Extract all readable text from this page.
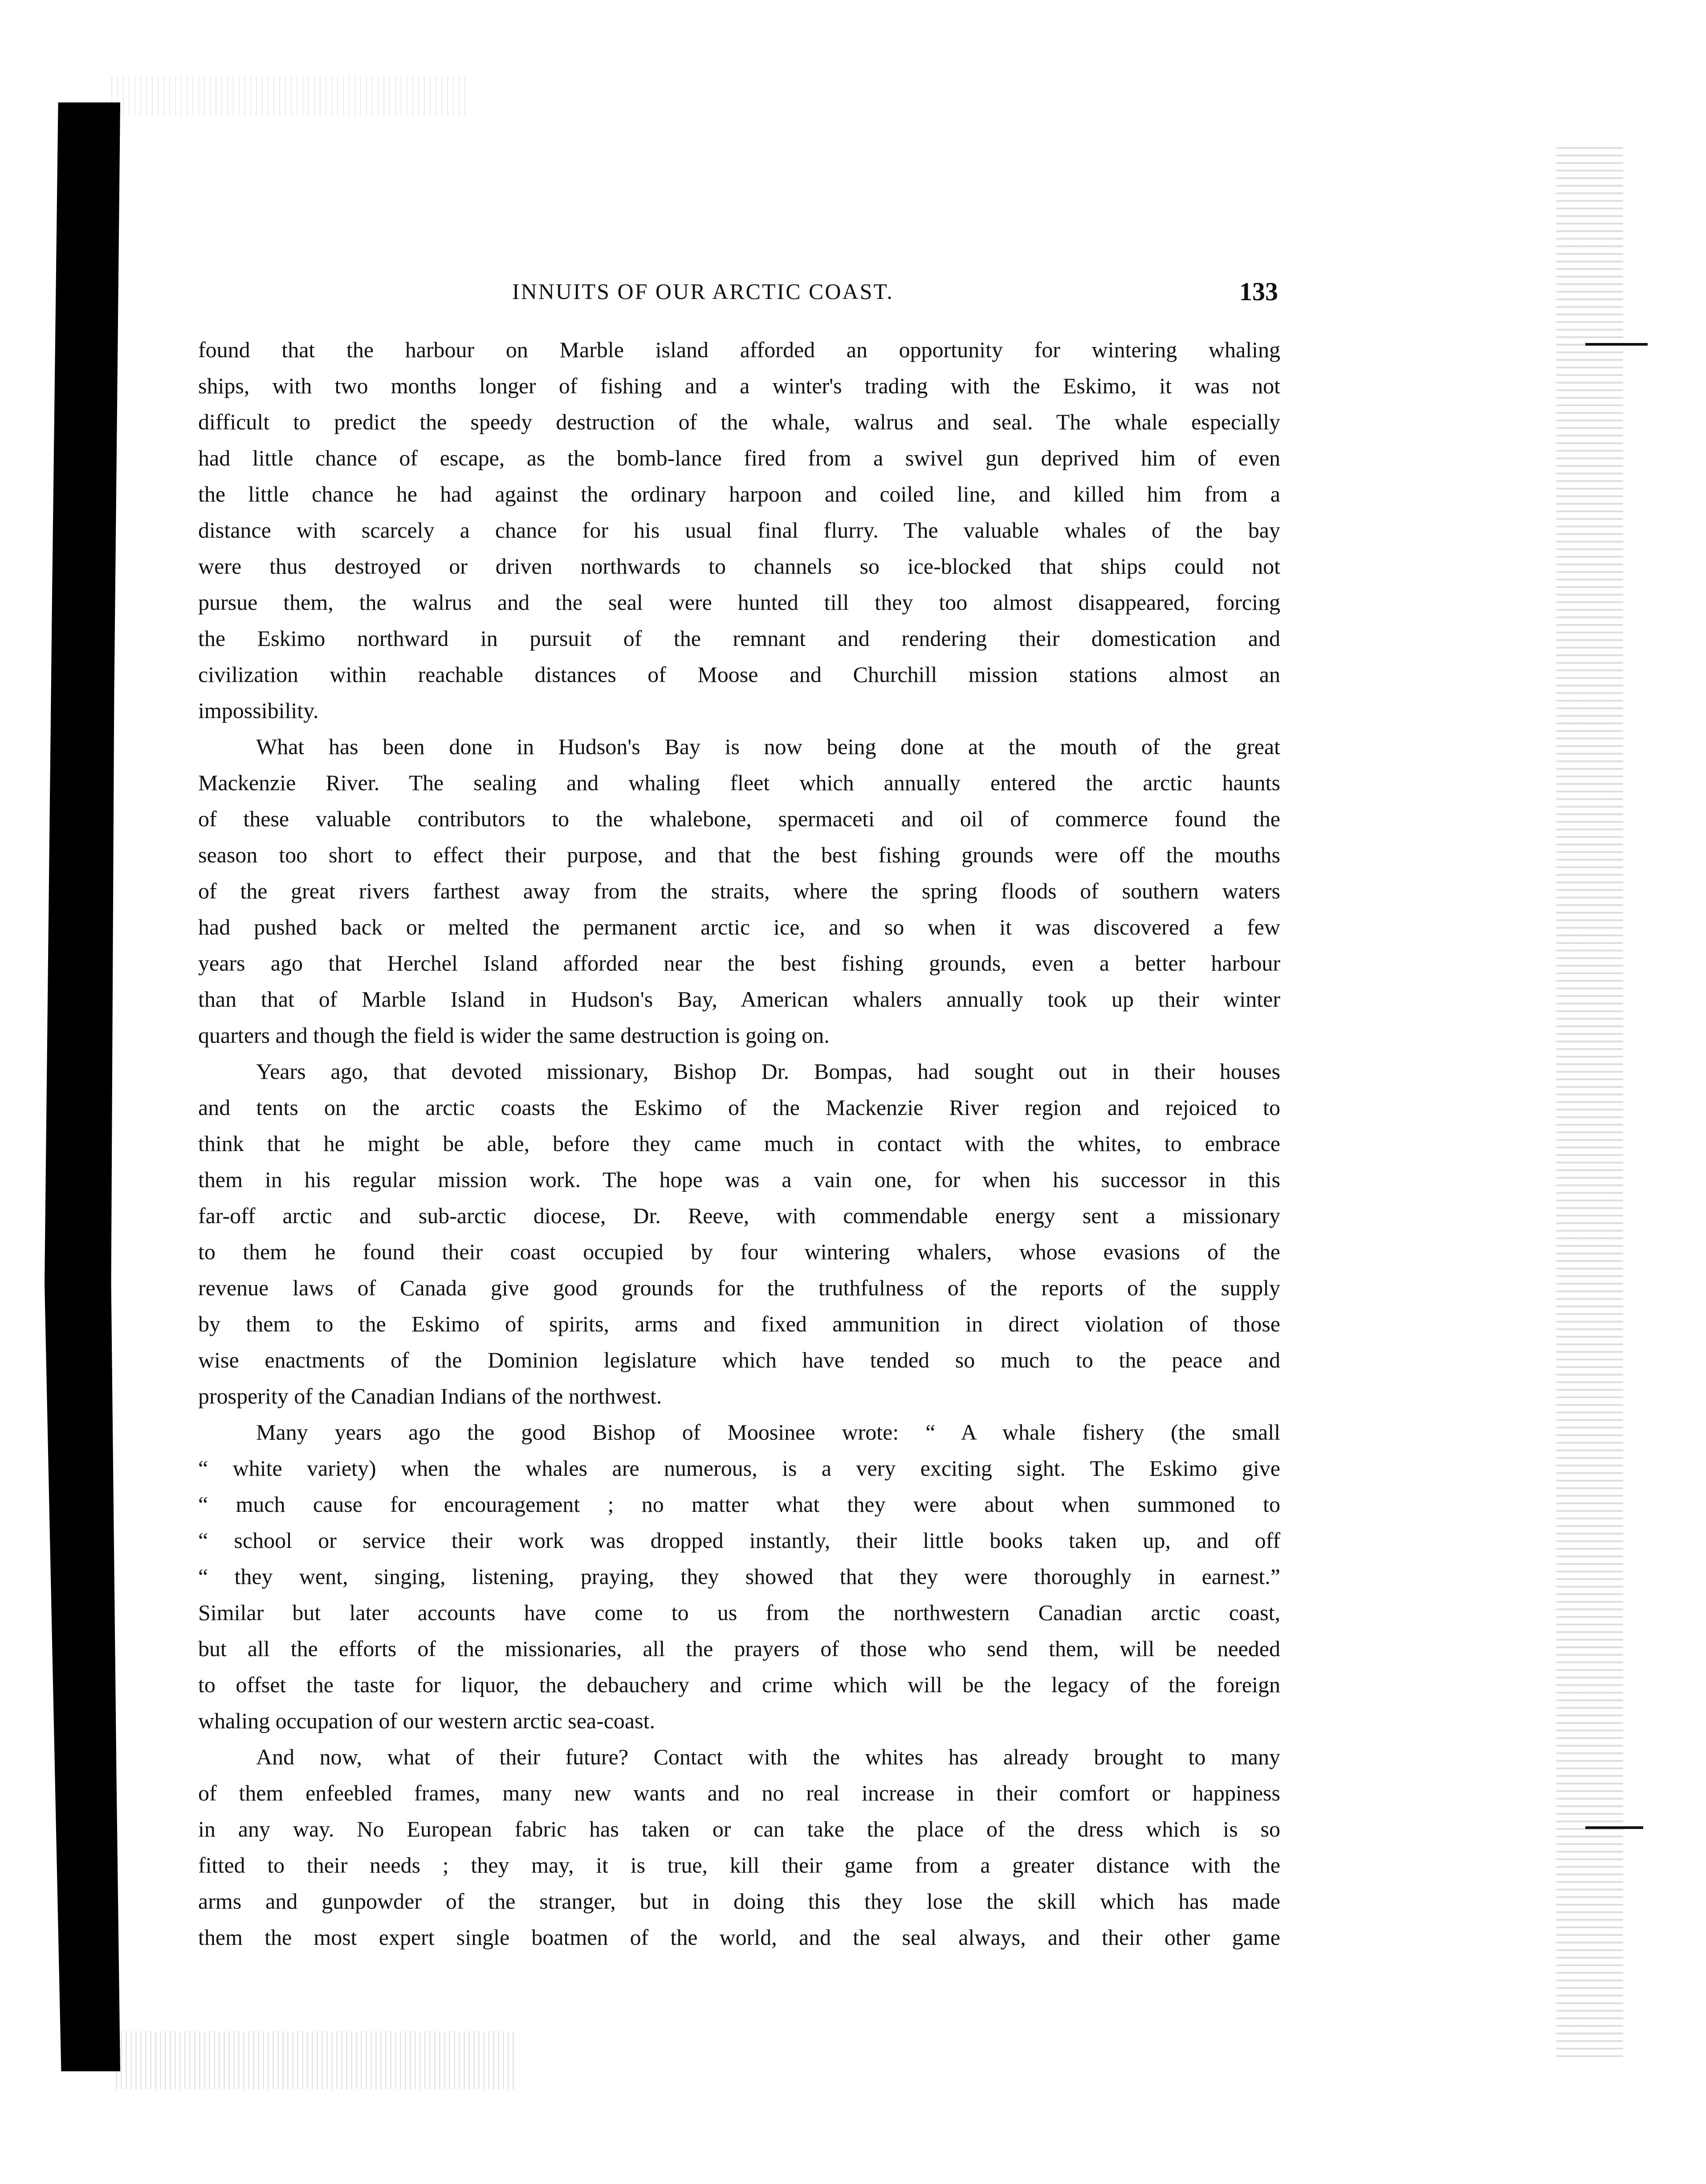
INNUITS OF OUR ARCTIC COAST.	133
found that the harbour on Marble island afforded an opportunity for wintering whaling
ships, with two months longer of fishing and a winter's trading with the Eskimo, it was not
difficult to predict the speedy destruction of the whale, walrus and seal. The whale especially
had little chance of escape, as the bomb-lance fired from a swivel gun deprived him of even
the little chance he had against the ordinary harpoon and coiled line, and killed him from a
distance with scarcely a chance for his usual final flurry. The valuable whales of the bay
were thus destroyed or driven northwards to channels so ice-blocked that ships could not
pursue them, the walrus and the seal were hunted till they too almost disappeared, forcing
the Eskimo northward in pursuit of the remnant and rendering their domestication and
civilization within reachable distances of Moose and Churchill mission stations almost an
impossibility.
What has been done in Hudson's Bay is now being done at the mouth of the great
Mackenzie River. The sealing and whaling fleet which annually entered the arctic haunts
of these valuable contributors to the whalebone, spermaceti and oil of commerce found the
season too short to effect their purpose, and that the best fishing grounds were off the mouths
of the great rivers farthest away from the straits, where the spring floods of southern waters
had pushed back or melted the permanent arctic ice, and so when it was discovered a few
years ago that Herchel Island afforded near the best fishing grounds, even a better harbour
than that of Marble Island in Hudson's Bay, American whalers annually took up their winter
quarters and though the field is wider the same destruction is going on.
Years ago, that devoted missionary, Bishop Dr. Bompas, had sought out in their houses
and tents on the arctic coasts the Eskimo of the Mackenzie River region and rejoiced to
think that he might be able, before they came much in contact with the whites, to embrace
them in his regular mission work. The hope was a vain one, for when his successor in this
far-off arctic and sub-arctic diocese, Dr. Reeve, with commendable energy sent a missionary
to them he found their coast occupied by four wintering whalers, whose evasions of the
revenue laws of Canada give good grounds for the truthfulness of the reports of the supply
by them to the Eskimo of spirits, arms and fixed ammunition in direct violation of those
wise enactments of the Dominion legislature which have tended so much to the peace and
prosperity of the Canadian Indians of the northwest.
Many years ago the good Bishop of Moosinee wrote: “ A whale fishery (the small
“ white variety) when the whales are numerous, is a very exciting sight. The Eskimo give
“ much cause for encouragement ; no matter what they were about when summoned to
“ school or service their work was dropped instantly, their little books taken up, and off
“ they went, singing, listening, praying, they showed that they were thoroughly in earnest.”
Similar but later accounts have come to us from the northwestern Canadian arctic coast,
but all the efforts of the missionaries, all the prayers of those who send them, will be needed
to offset the taste for liquor, the debauchery and crime which will be the legacy of the foreign
whaling occupation of our western arctic sea-coast.
And now, what of their future? Contact with the whites has already brought to many
of them enfeebled frames, many new wants and no real increase in their comfort or happiness
in any way. No European fabric has taken or can take the place of the dress which is so
fitted to their needs ; they may, it is true, kill their game from a greater distance with the
arms and gunpowder of the stranger, but in doing this they lose the skill which has made
them the most expert single boatmen of the world, and the seal always, and their other game
